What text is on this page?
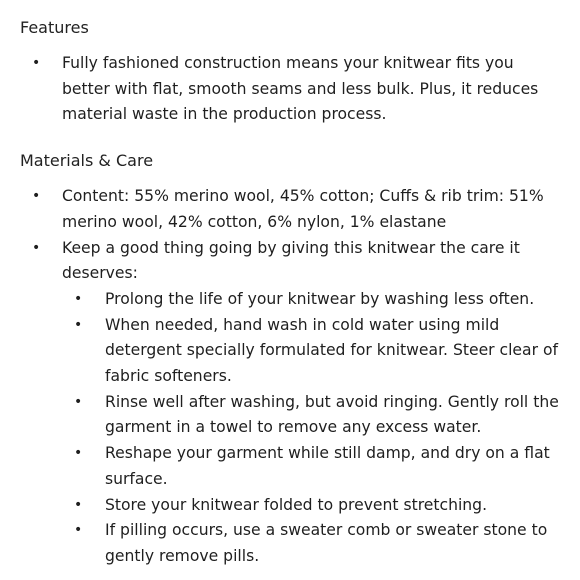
Features
• Fully fashioned construction means your knitwear fits you better with flat, smooth seams and less bulk. Plus, it reduces material waste in the production process.
Materials & Care
• Content: 55% merino wool, 45% cotton; Cuffs & rib trim: 51% merino wool, 42% cotton, 6% nylon, 1% elastane
• Keep a good thing going by giving this knitwear the care it deserves:
• Prolong the life of your knitwear by washing less often.
• When needed, hand wash in cold water using mild detergent specially formulated for knitwear. Steer clear of fabric softeners.
• Rinse well after washing, but avoid ringing. Gently roll the garment in a towel to remove any excess water.
• Reshape your garment while still damp, and dry on a flat surface.
• Store your knitwear folded to prevent stretching.
• If pilling occurs, use a sweater comb or sweater stone to gently remove pills.
